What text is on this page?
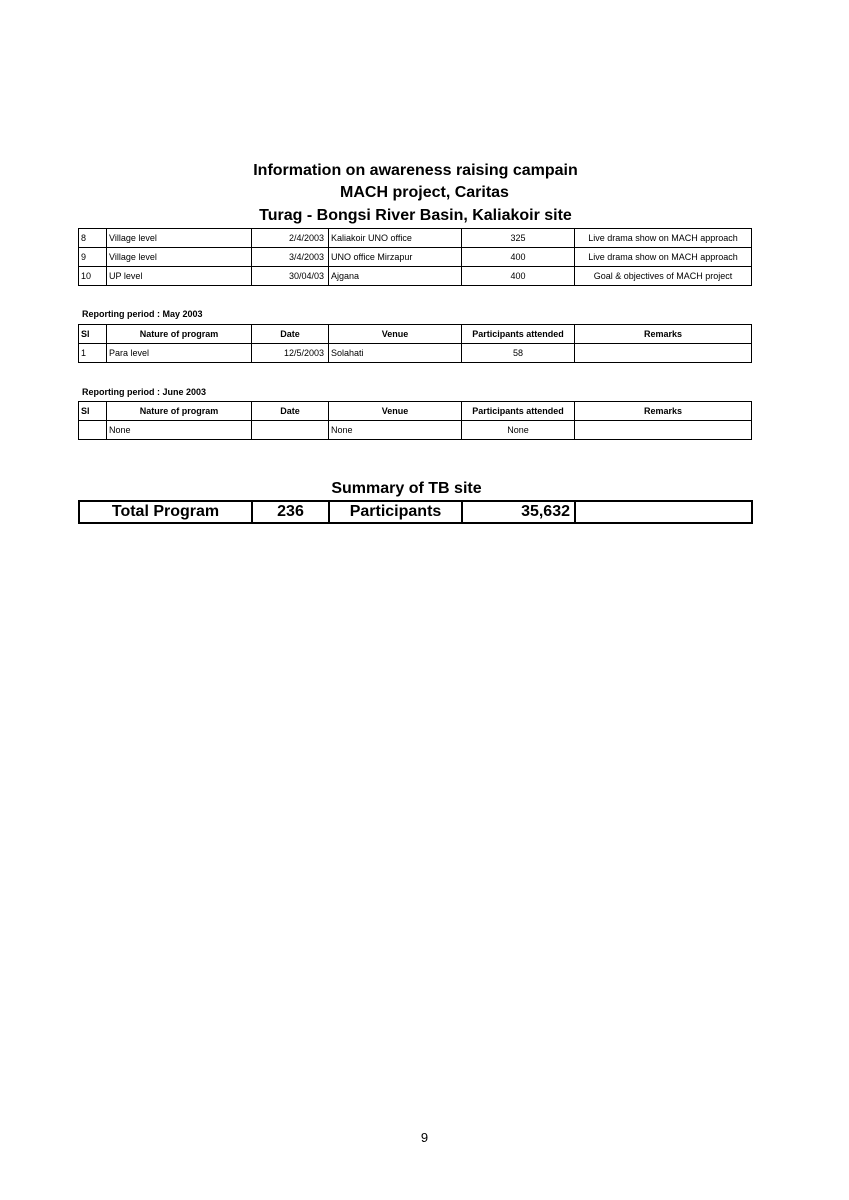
Information on awareness raising campain
MACH project, Caritas
Turag - Bongsi River Basin, Kaliakoir site
8	Village level	2/4/2003	Kaliakoir UNO office	325	Live drama show on MACH approach
9	Village level	3/4/2003	UNO office Mirzapur	400	Live drama show on MACH approach
10	UP level	30/04/03	Ajgana	400	Goal & objectives of MACH project
Reporting period : May 2003
Sl	Nature of program	Date	Venue	Participants attended	Remarks
1	Para level	12/5/2003	Solahati	58	
Reporting period : June 2003
Sl	Nature of program	Date	Venue	Participants attended	Remarks
	None		None	None	
Summary of TB site
Total Program	236	Participants	35,632	
9
